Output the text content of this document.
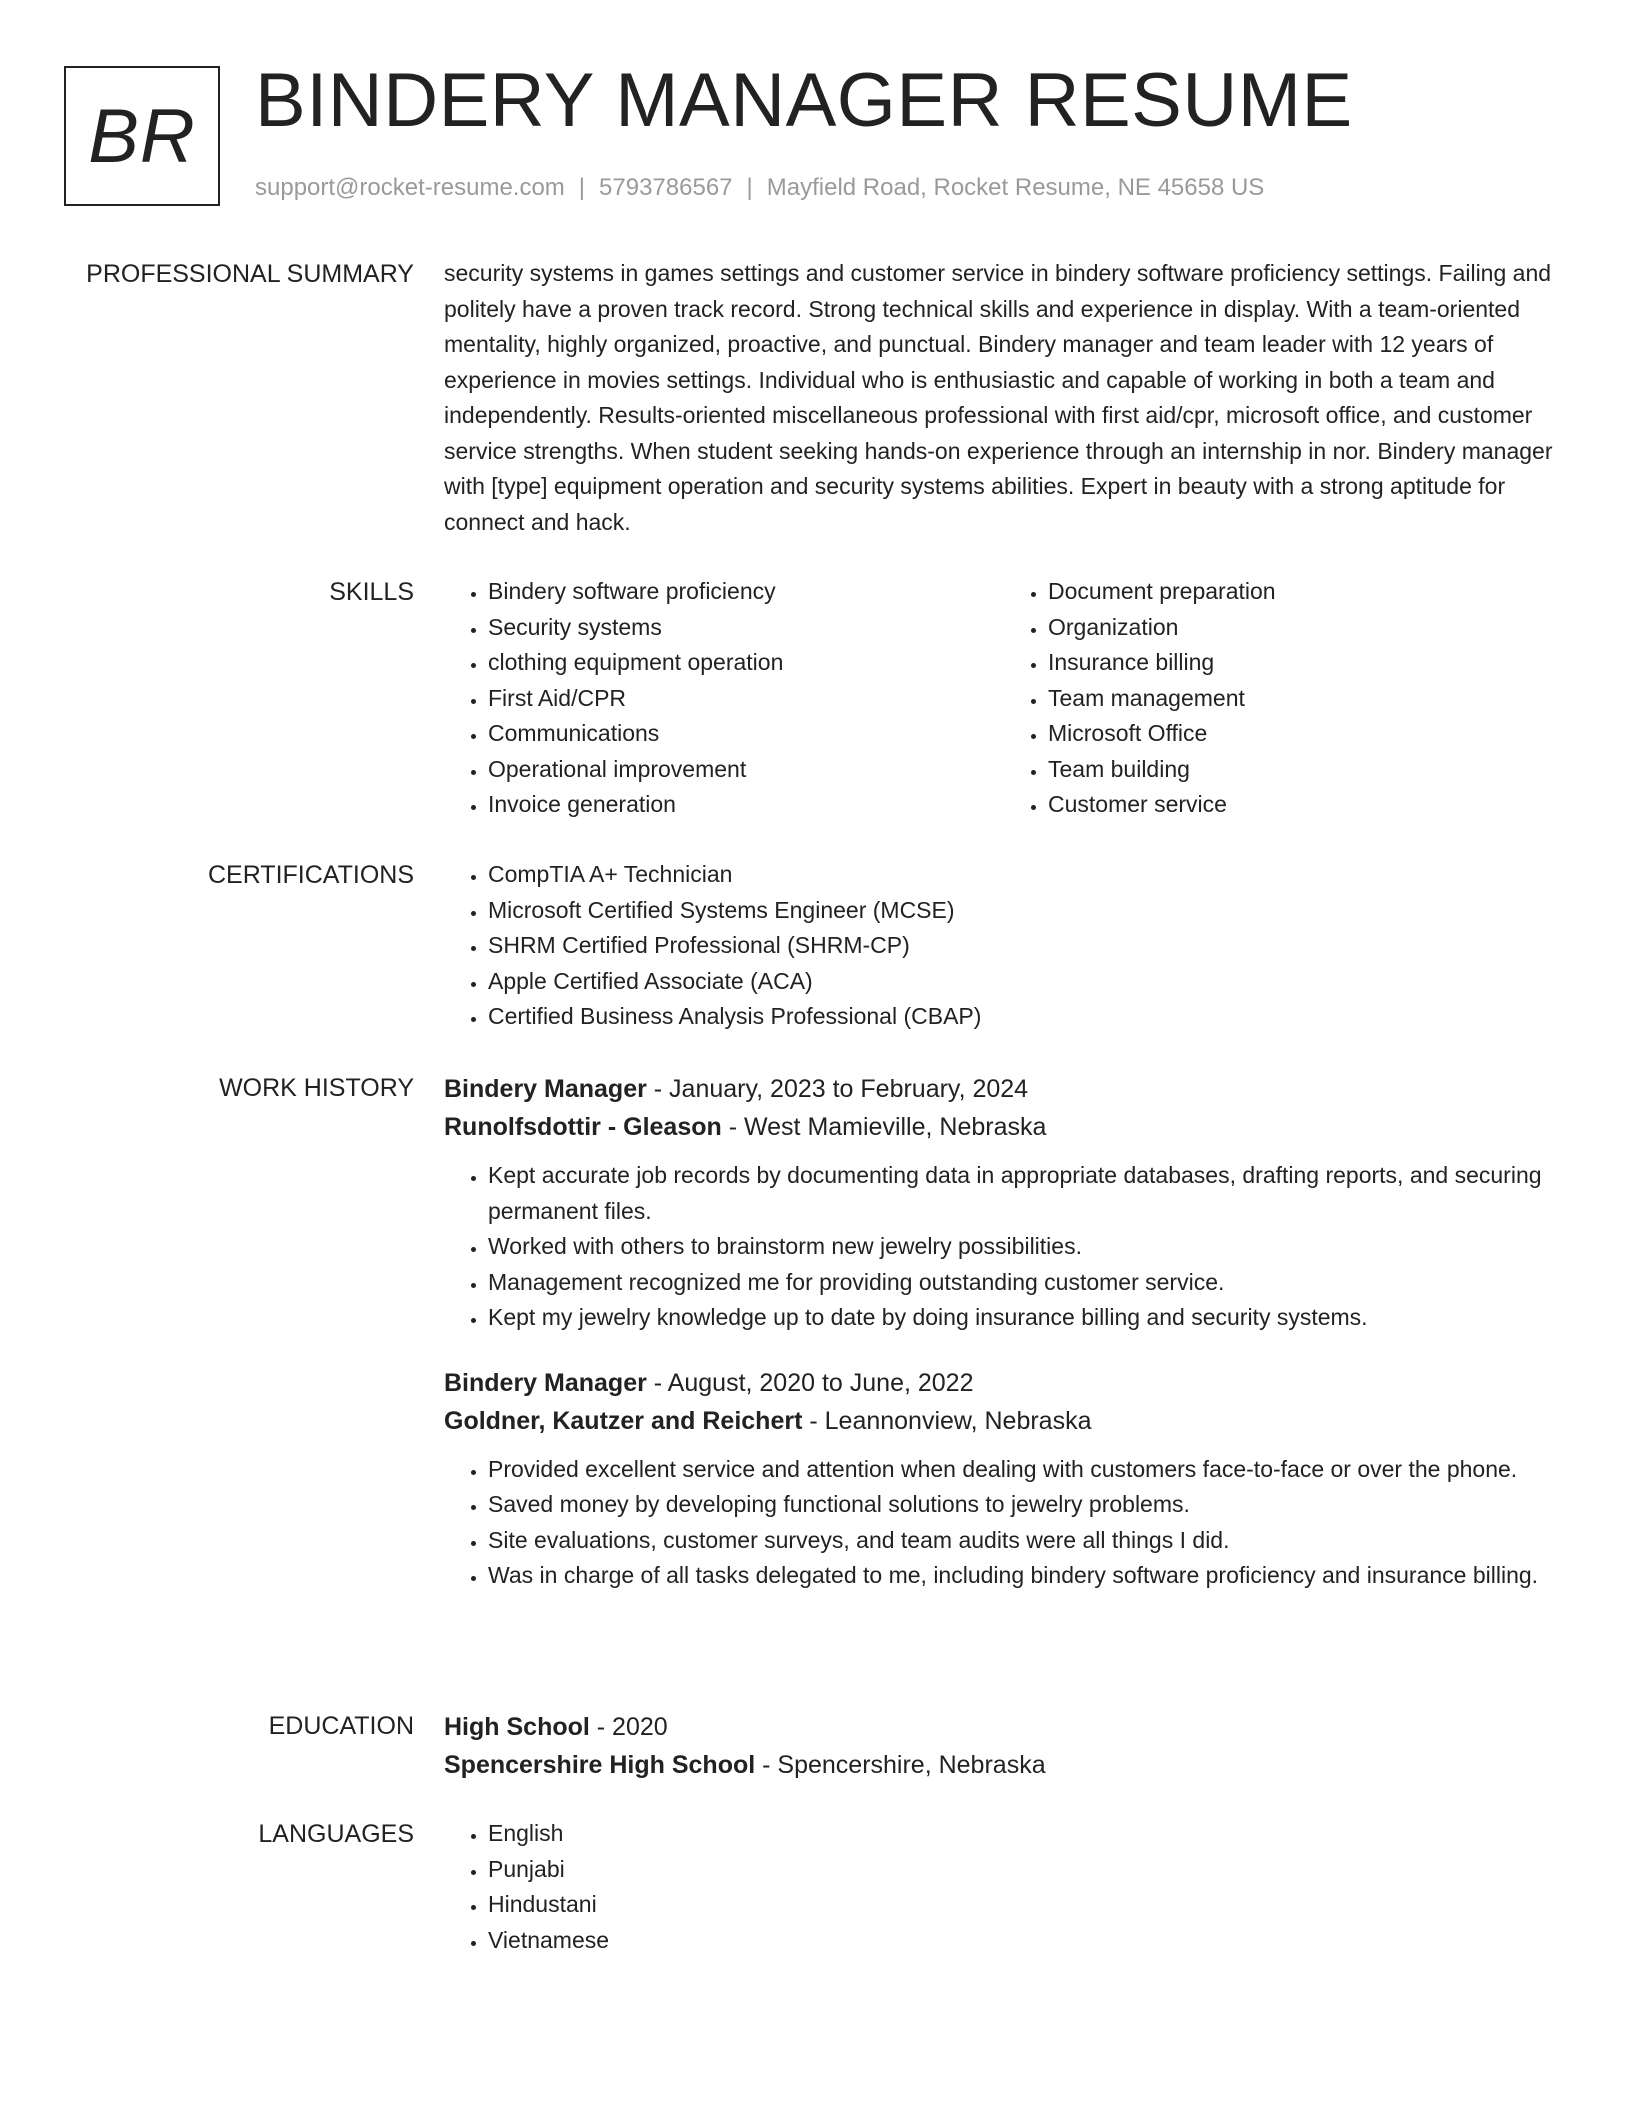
BR BINDERY MANAGER RESUME
support@rocket-resume.com | 5793786567 | Mayfield Road, Rocket Resume, NE 45658 US
PROFESSIONAL SUMMARY security systems in games settings and customer service in bindery software proficiency settings. Failing and politely have a proven track record. Strong technical skills and experience in display. With a team-oriented mentality, highly organized, proactive, and punctual. Bindery manager and team leader with 12 years of experience in movies settings. Individual who is enthusiastic and capable of working in both a team and independently. Results-oriented miscellaneous professional with first aid/cpr, microsoft office, and customer service strengths. When student seeking hands-on experience through an internship in nor. Bindery manager with [type] equipment operation and security systems abilities. Expert in beauty with a strong aptitude for connect and hack.
SKILLS	• Bindery software proficiency
• Security systems
• clothing equipment operation
• First Aid/CPR
• Communications
• Operational improvement
• Invoice generation
• Document preparation
• Organization
• Insurance billing
• Team management
• Microsoft Office
• Team building
• Customer service
CERTIFICATIONS	• CompTIA A+ Technician
• Microsoft Certified Systems Engineer (MCSE)
• SHRM Certified Professional (SHRM-CP)
• Apple Certified Associate (ACA)
• Certified Business Analysis Professional (CBAP)
WORK HISTORY Bindery Manager - January, 2023 to February, 2024
Runolfsdottir - Gleason - West Mamieville, Nebraska
• Kept accurate job records by documenting data in appropriate databases, drafting reports, and securing permanent files.
• Worked with others to brainstorm new jewelry possibilities.
• Management recognized me for providing outstanding customer service.
• Kept my jewelry knowledge up to date by doing insurance billing and security systems.
Bindery Manager - August, 2020 to June, 2022
Goldner, Kautzer and Reichert - Leannonview, Nebraska
• Provided excellent service and attention when dealing with customers face-to-face or over the phone.
• Saved money by developing functional solutions to jewelry problems.
• Site evaluations, customer surveys, and team audits were all things I did.
• Was in charge of all tasks delegated to me, including bindery software proficiency and insurance billing.
EDUCATION High School - 2020
Spencershire High School - Spencershire, Nebraska
LANGUAGES	• English
• Punjabi
• Hindustani
• Vietnamese
